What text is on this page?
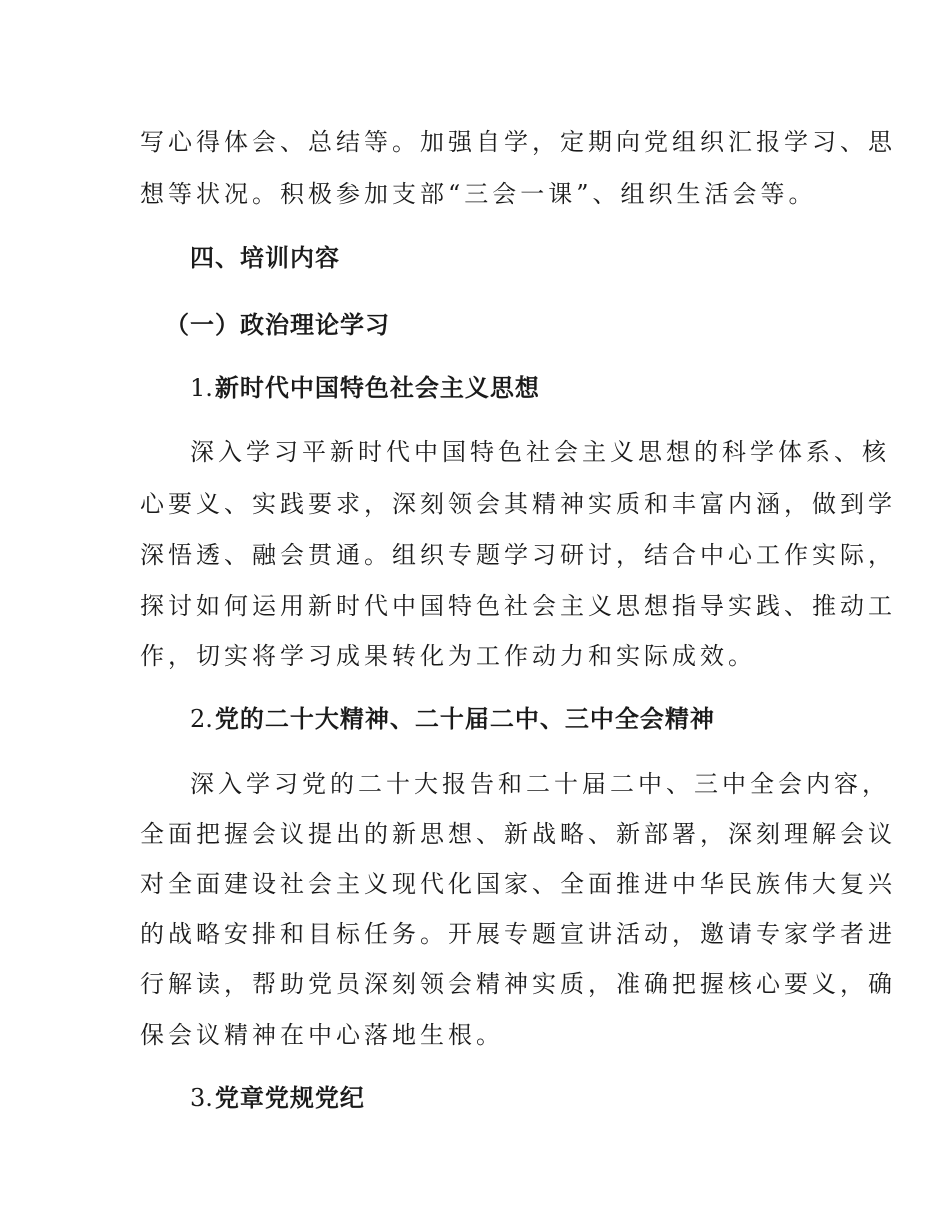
写心得体会、总结等。加强自学，定期向党组织汇报学习、思
想等状况。积极参加支部“三会一课”、组织生活会等。
四、培训内容
（一）政治理论学习
1.新时代中国特色社会主义思想
深入学习平新时代中国特色社会主义思想的科学体系、核
心要义、实践要求，深刻领会其精神实质和丰富内涵，做到学
深悟透、融会贯通。组织专题学习研讨，结合中心工作实际，
探讨如何运用新时代中国特色社会主义思想指导实践、推动工
作，切实将学习成果转化为工作动力和实际成效。
2.党的二十大精神、二十届二中、三中全会精神
深入学习党的二十大报告和二十届二中、三中全会内容，
全面把握会议提出的新思想、新战略、新部署，深刻理解会议
对全面建设社会主义现代化国家、全面推进中华民族伟大复兴
的战略安排和目标任务。开展专题宣讲活动，邀请专家学者进
行解读，帮助党员深刻领会精神实质，准确把握核心要义，确
保会议精神在中心落地生根。
3.党章党规党纪
